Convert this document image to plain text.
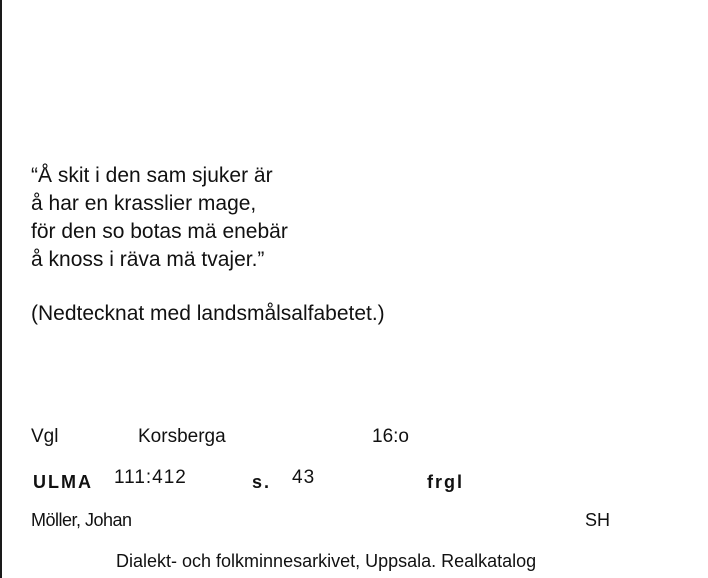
“Å skit i den sam sjuker är
å har en krasslier mage,
för den so botas mä enebär
å knoss i räva mä tvajer.”
(Nedtecknat med landsmålsalfabetet.)
Vgl	Korsberga	16:o
ULMA 111:412	s. 43	frgl
Möller, Johan	SH
Dialekt- och folkminnesarkivet, Uppsala. Realkatalog
